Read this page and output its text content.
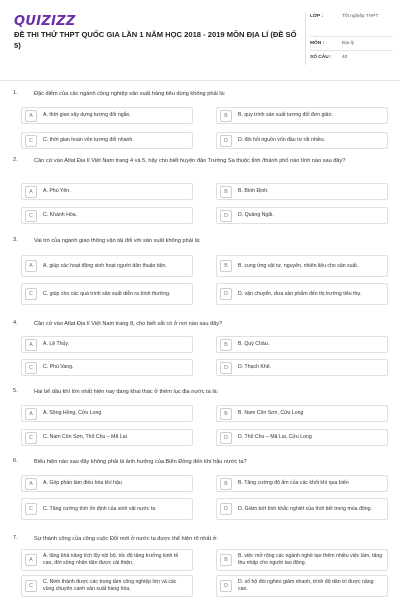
QUIZIZZ
ĐỀ THI THỬ THPT QUỐC GIA LẦN 1 NĂM HỌC 2018 - 2019 MÔN ĐỊA LÍ (ĐỀ SỐ 5)
LỚP :	Tốt nghiệp THPT
MÔN :	Địa lý
SỐ CÂU :	40
1.	Đặc điểm của các ngành công nghiệp sản xuất hàng tiêu dùng không phải là:
A	A. thời gian xây dựng tương đối ngắn.	B	B. quy trình sản xuất tương đối đơn giản.
C	C. thời gian hoàn vốn tương đối nhanh.	D	D. đòi hỏi nguồn vốn đầu tư rất nhiều.
2.	Căn cứ vào Atlat Địa lí Việt Nam trang 4 và 5, hãy cho biết huyện đảo Trường Sa thuộc tỉnh /thành phố nào tính nào sau đây?
A	A. Phú Yên.	B	B. Bình Định.
C	C. Khánh Hòa.	D	D. Quảng Ngãi.
3.	Vai trò của ngành giao thông vận tải đối với sản xuất không phải là:
A	A. giúp các hoạt động sinh hoạt người dân thuận tiện.	B	B. cung ứng vật tư, nguyên, nhiên liệu cho sản xuất.
C	C. giúp cho các quá trình sản xuất diễn ra bình thường.	D	D. vận chuyển, đưa sản phẩm đến thị trường tiêu thụ.
4.	Căn cứ vào Atlat Địa lí Việt Nam trang 8, cho biết sắt có ở nơi nào sau đây?
A	A. Lệ Thủy.	B	B. Quỳ Châu.
C	C. Phú Vang.	D	D. Thạch Khê.
5.	Hai bể dầu khí lớn nhất hiện nay đang khai thác ở thềm lục địa nước ta là:
A	A. Sông Hồng, Cửu Long	B	B. Nam Côn Sơn, Cửu Long
C	C. Nam Côn Sơn, Thổ Chu – Mã Lai	D	D. Thổ Chu – Mã Lai, Cửu Long
6.	Biểu hiện nào sau đây không phải là ảnh hưởng của Biển Đông đến khí hậu nước ta?
A	A. Góp phần làm điều hòa khí hậu	B	B. Tăng cường độ ẩm của các khối khí qua biển
C	C. Tăng cường tính ổn định của sinh vật nước ta	D	D. Giảm bớt tính khắc nghiệt của thời tiết trong mùa đông.
7.	Sự thành công của công cuộc Đổi mới ở nước ta được thể hiện rõ nhất ở:
A
A. tăng khả năng tích lũy nội bộ, tốc độ tăng trưởng kinh tế cao, đời sống nhân dân được cải thiện.	B
B. việc mở rộng các ngành nghề tạo thêm nhiều việc làm, tăng thu nhập cho người lao động.
C
C. Ninh thành được các trung tâm công nghiệp lớn và các vùng chuyên canh sản xuất hàng hóa.	D
D. số hộ đói nghèo giảm nhanh, trình độ dân trí được nâng cao.
